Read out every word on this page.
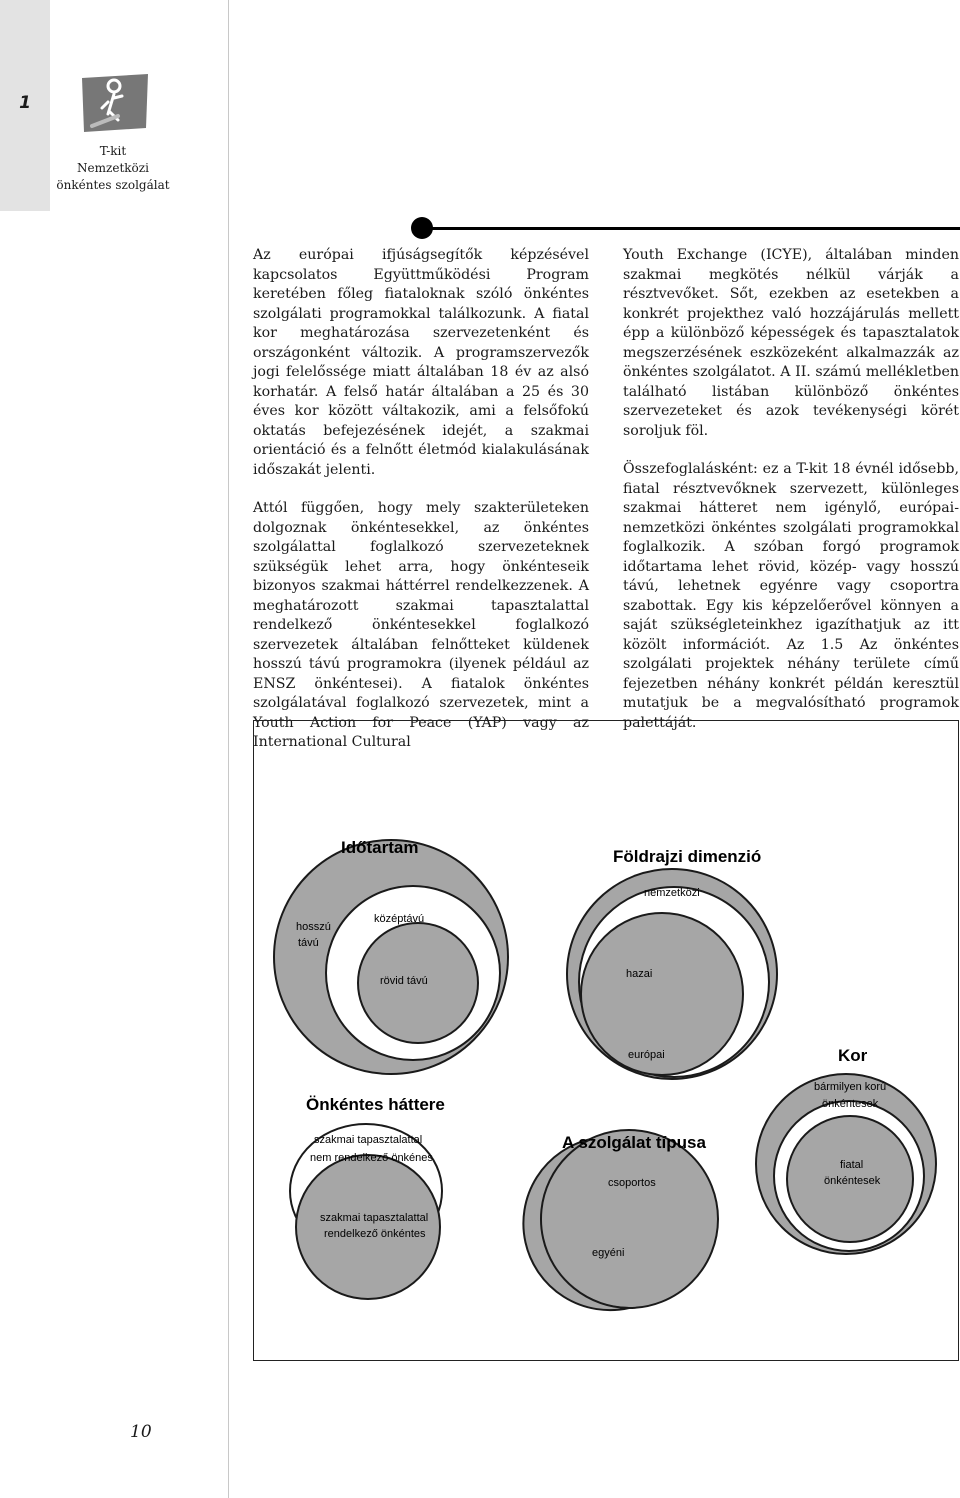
1
T-kit
Nemzetközi
önkéntes szolgálat
10

Az európai ifjúságsegítők képzésével kapcsolatos Együttműködési Program keretében főleg fiataloknak szóló önkéntes szolgálati programokkal találkozunk. A fiatal kor meghatározása szervezetenként és országonként változik. A programszervezők jogi felelőssége miatt általában 18 év az alsó korhatár. A felső határ általában a 25 és 30 éves kor között váltakozik, ami a felsőfokú oktatás befejezésének idejét, a szakmai orientáció és a felnőtt életmód kialakulásának időszakát jelenti.

Attól függően, hogy mely szakterületeken dolgoznak önkéntesekkel, az önkéntes szolgálattal foglalkozó szervezeteknek szükségük lehet arra, hogy önkénteseik bizonyos szakmai háttérrel rendelkezzenek. A meghatározott szakmai tapasztalattal rendelkező önkéntesekkel foglalkozó szervezetek általában felnőtteket küldenek hosszú távú programokra (ilyenek például az ENSZ önkéntesei). A fiatalok önkéntes szolgálatával foglalkozó szervezetek, mint a Youth Action for Peace (YAP) vagy az International Cultural

Youth Exchange (ICYE), általában minden szakmai megkötés nélkül várják a résztvevőket. Sőt, ezekben az esetekben a konkrét projekthez való hozzájárulás mellett épp a különböző képességek és tapasztalatok megszerzésének eszközeként alkalmazzák az önkéntes szolgálatot. A II. számú mellékletben található listában különböző önkéntes szervezeteket és azok tevékenységi körét soroljuk föl.

Összefoglalásként: ez a T-kit 18 évnél idősebb, fiatal résztvevőknek szervezett, különleges szakmai hátteret nem igénylő, európai-nemzetközi önkéntes szolgálati programokkal foglalkozik. A szóban forgó programok időtartama lehet rövid, közép- vagy hosszú távú, lehetnek egyénre vagy csoportra szabottak. Egy kis képzelőerővel könnyen a saját szükségleteinkhez igazíthatjuk az itt közölt információt. Az 1.5 Az önkéntes szolgálati projektek néhány területe című fejezetben néhány konkrét példán keresztül mutatjuk be a megvalósítható programok palettáját.

Időtartam
hosszú
távú
középtávú
rövid távú
Földrajzi dimenzió
nemzetközi
hazai
európai
Önkéntes háttere
szakmai tapasztalattal
nem rendelkező önkénes
szakmai tapasztalattal
rendelkező önkéntes
A szolgálat típusa
csoportos
egyéni
Kor
bármilyen korú
önkéntesek
fiatal
önkéntesek
